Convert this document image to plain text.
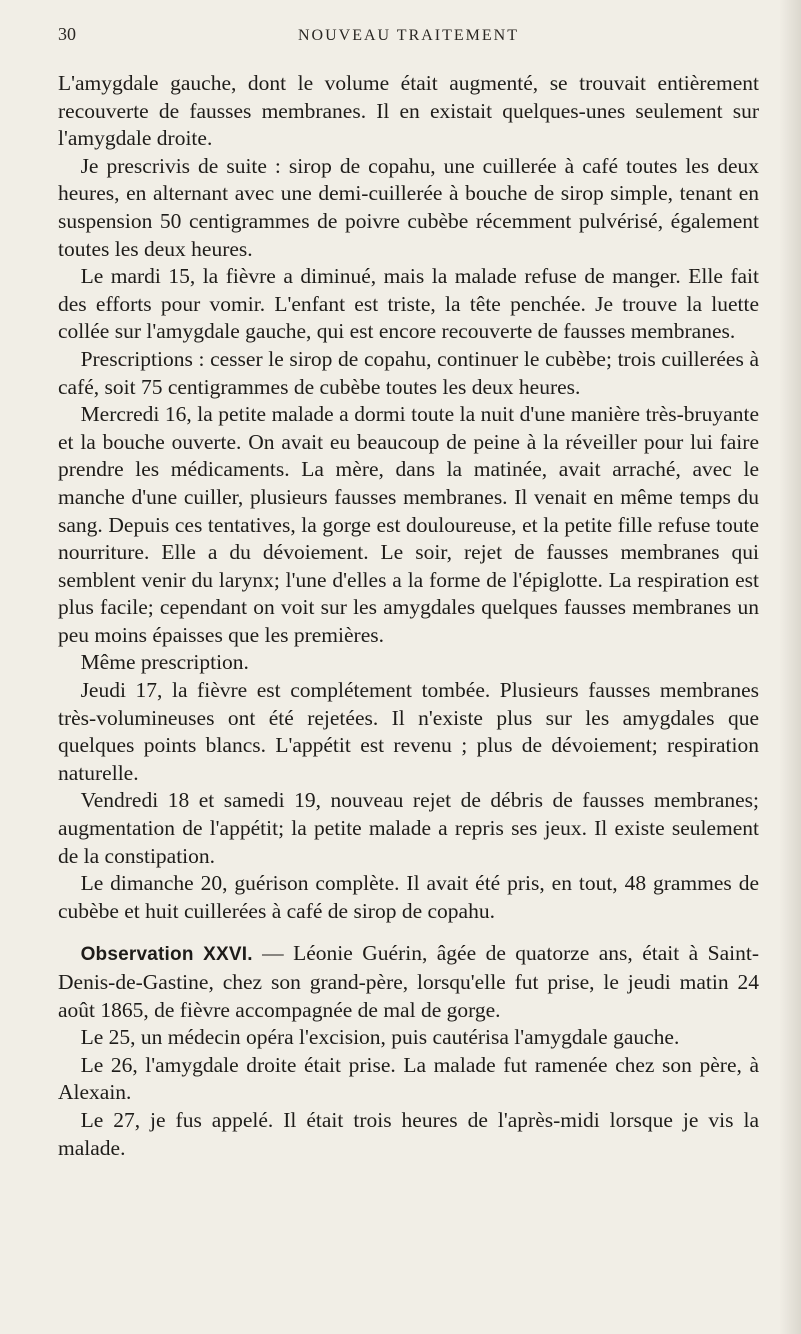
30	NOUVEAU TRAITEMENT

L'amygdale gauche, dont le volume était augmenté, se trouvait entièrement recouverte de fausses membranes. Il en existait quelques-unes seulement sur l'amygdale droite.

Je prescrivis de suite : sirop de copahu, une cuillerée à café toutes les deux heures, en alternant avec une demi-cuillerée à bouche de sirop simple, tenant en suspension 50 centigrammes de poivre cubèbe récemment pulvérisé, également toutes les deux heures.

Le mardi 15, la fièvre a diminué, mais la malade refuse de manger. Elle fait des efforts pour vomir. L'enfant est triste, la tête penchée. Je trouve la luette collée sur l'amygdale gauche, qui est encore recouverte de fausses membranes.

Prescriptions : cesser le sirop de copahu, continuer le cubèbe; trois cuillerées à café, soit 75 centigrammes de cubèbe toutes les deux heures.

Mercredi 16, la petite malade a dormi toute la nuit d'une manière très-bruyante et la bouche ouverte. On avait eu beaucoup de peine à la réveiller pour lui faire prendre les médicaments. La mère, dans la matinée, avait arraché, avec le manche d'une cuiller, plusieurs fausses membranes. Il venait en même temps du sang. Depuis ces tentatives, la gorge est douloureuse, et la petite fille refuse toute nourriture. Elle a du dévoiement. Le soir, rejet de fausses membranes qui semblent venir du larynx; l'une d'elles a la forme de l'épiglotte. La respiration est plus facile; cependant on voit sur les amygdales quelques fausses membranes un peu moins épaisses que les premières.

Même prescription.

Jeudi 17, la fièvre est complétement tombée. Plusieurs fausses membranes très-volumineuses ont été rejetées. Il n'existe plus sur les amygdales que quelques points blancs. L'appétit est revenu ; plus de dévoiement; respiration naturelle.

Vendredi 18 et samedi 19, nouveau rejet de débris de fausses membranes; augmentation de l'appétit; la petite malade a repris ses jeux. Il existe seulement de la constipation.

Le dimanche 20, guérison complète. Il avait été pris, en tout, 48 grammes de cubèbe et huit cuillerées à café de sirop de copahu.

Observation XXVI. — Léonie Guérin, âgée de quatorze ans, était à Saint-Denis-de-Gastine, chez son grand-père, lorsqu'elle fut prise, le jeudi matin 24 août 1865, de fièvre accompagnée de mal de gorge.

Le 25, un médecin opéra l'excision, puis cautérisa l'amygdale gauche.

Le 26, l'amygdale droite était prise. La malade fut ramenée chez son père, à Alexain.

Le 27, je fus appelé. Il était trois heures de l'après-midi lorsque je vis la malade.
